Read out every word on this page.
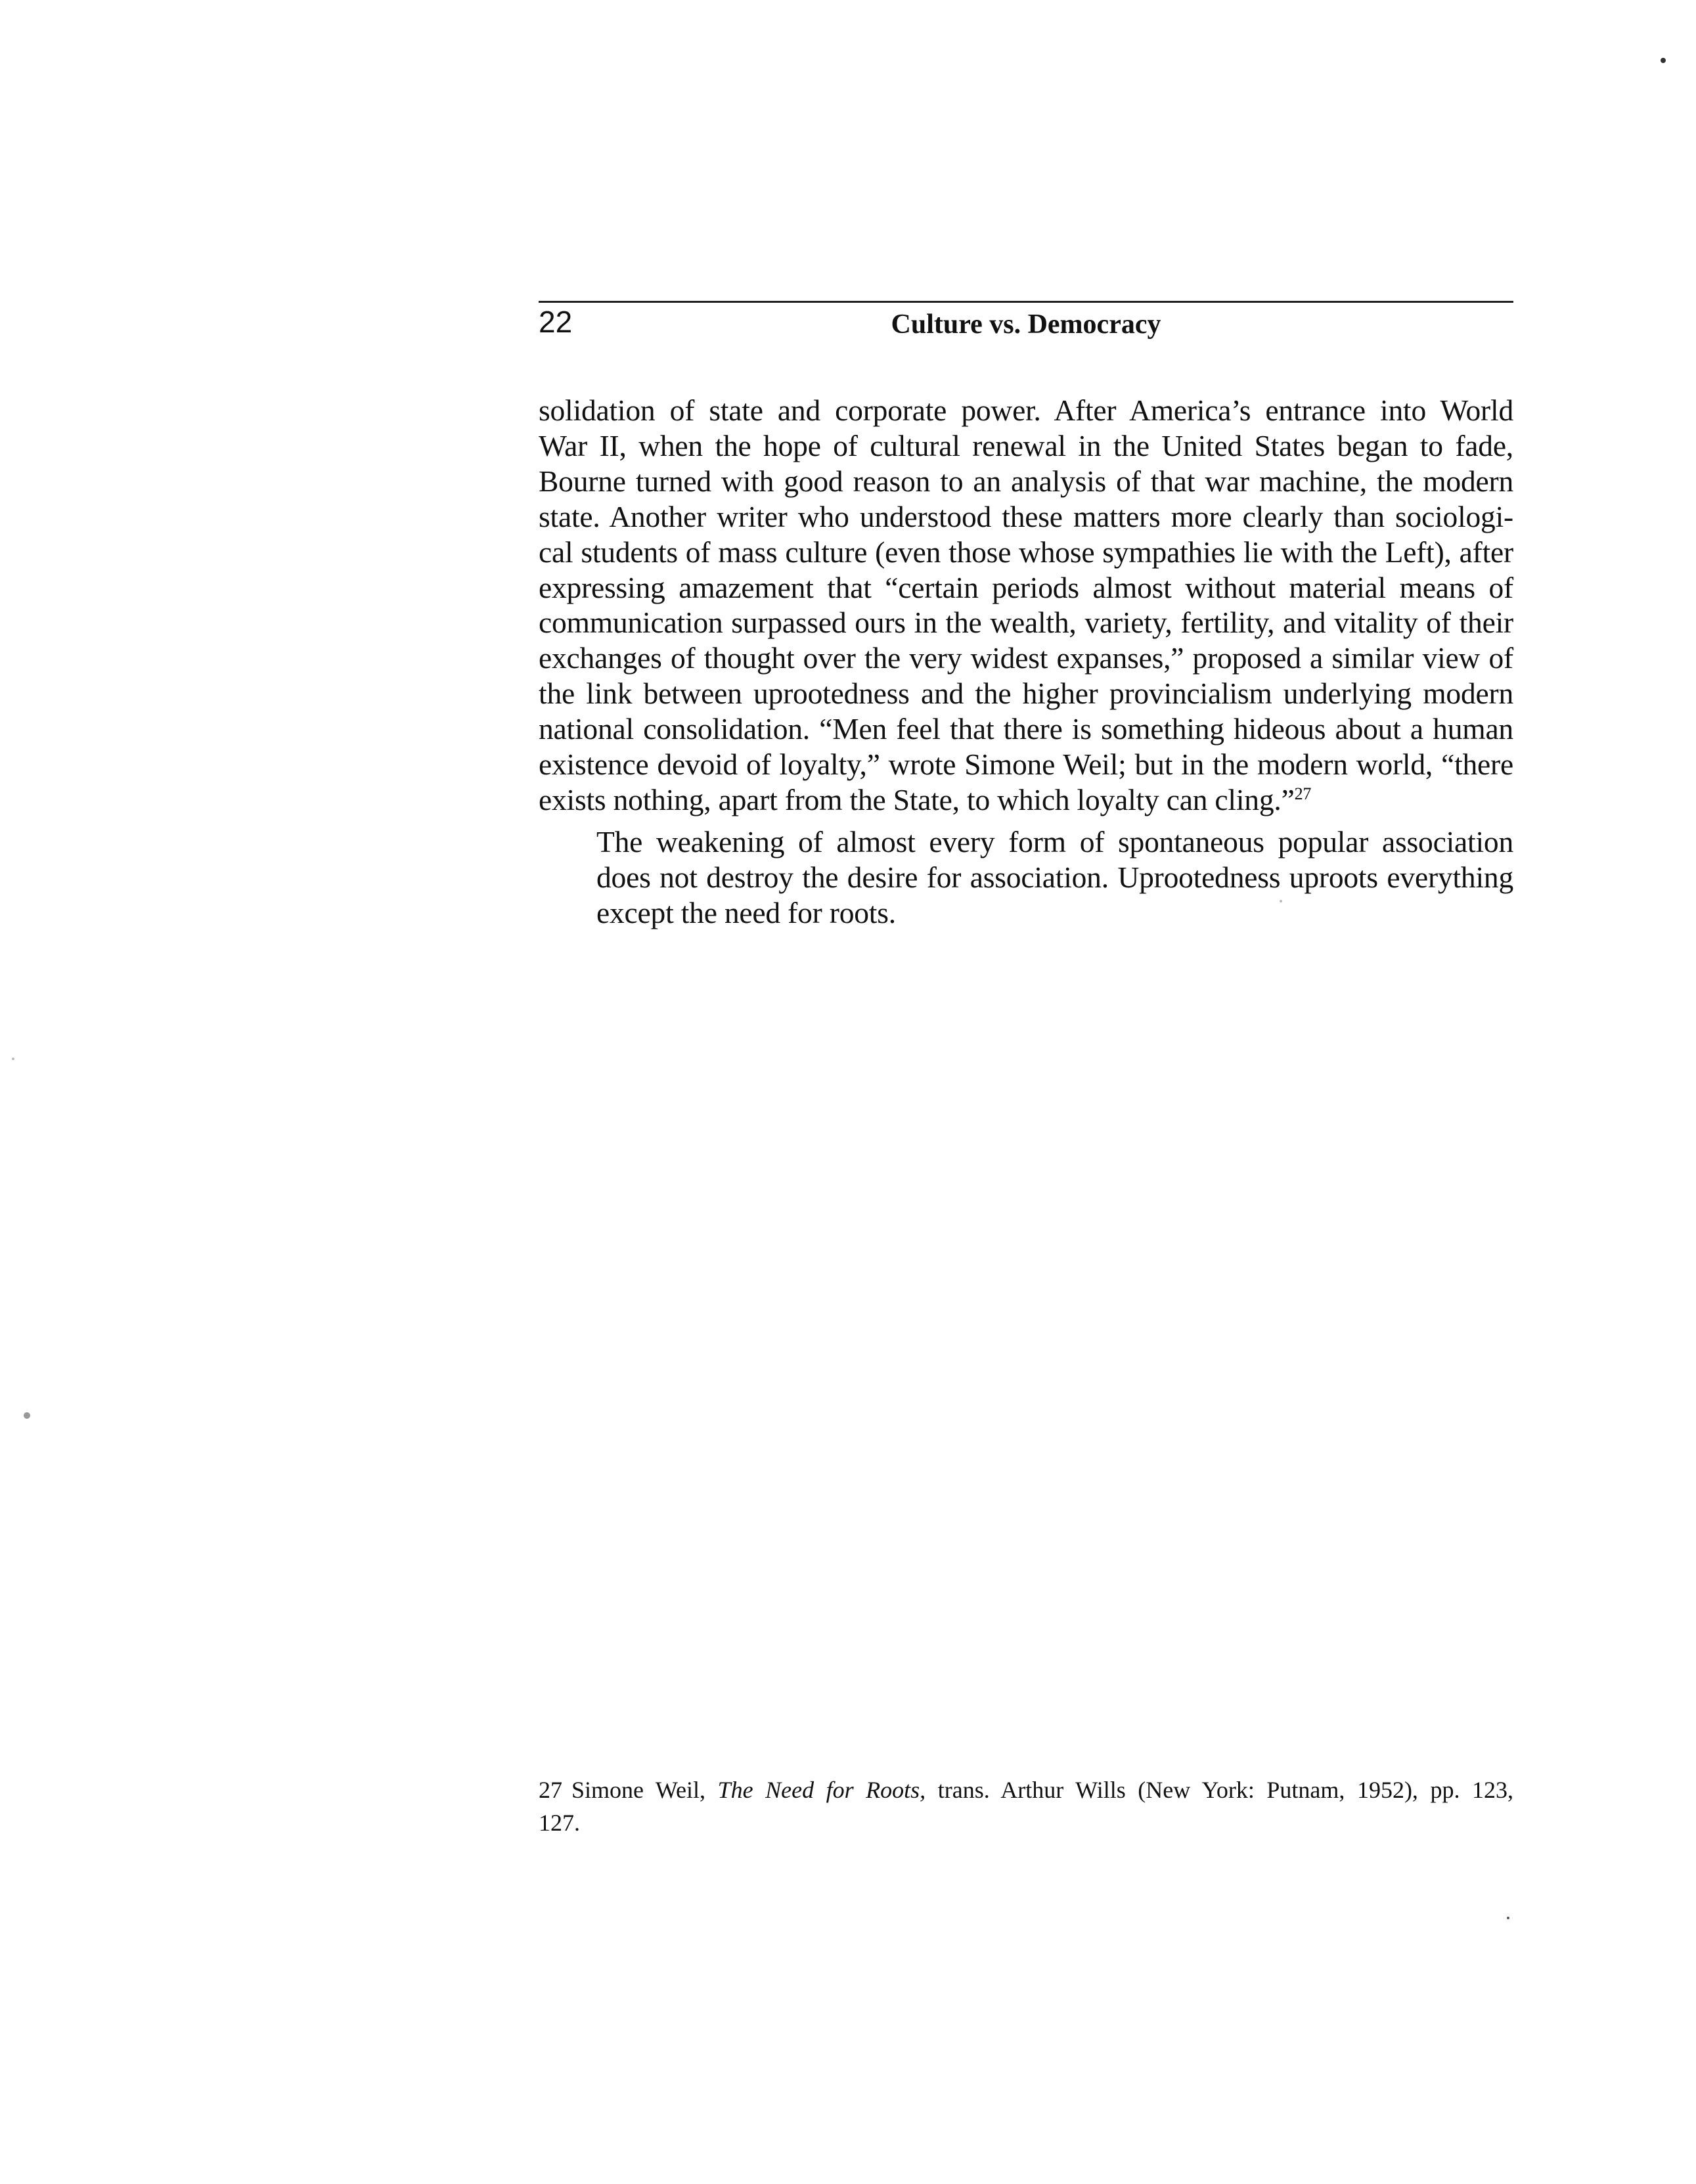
22	Culture vs. Democracy

solidation of state and corporate power. After America’s entrance into World
War II, when the hope of cultural renewal in the United States began to fade,
Bourne turned with good reason to an analysis of that war machine, the modern
state. Another writer who understood these matters more clearly than sociologi-
cal students of mass culture (even those whose sympathies lie with the Left), after
expressing amazement that “certain periods almost without material means of
communication surpassed ours in the wealth, variety, fertility, and vitality of their
exchanges of thought over the very widest expanses,” proposed a similar view of
the link between uprootedness and the higher provincialism underlying modern
national consolidation. “Men feel that there is something hideous about a human
existence devoid of loyalty,” wrote Simone Weil; but in the modern world, “there
exists nothing, apart from the State, to which loyalty can cling.”$^{27}$

The weakening of almost every form of spontaneous popular association
does not destroy the desire for association. Uprootedness uproots everything
except the need for roots.

27 Simone Weil, The Need for Roots, trans. Arthur Wills (New York: Putnam, 1952), pp. 123,
127.
